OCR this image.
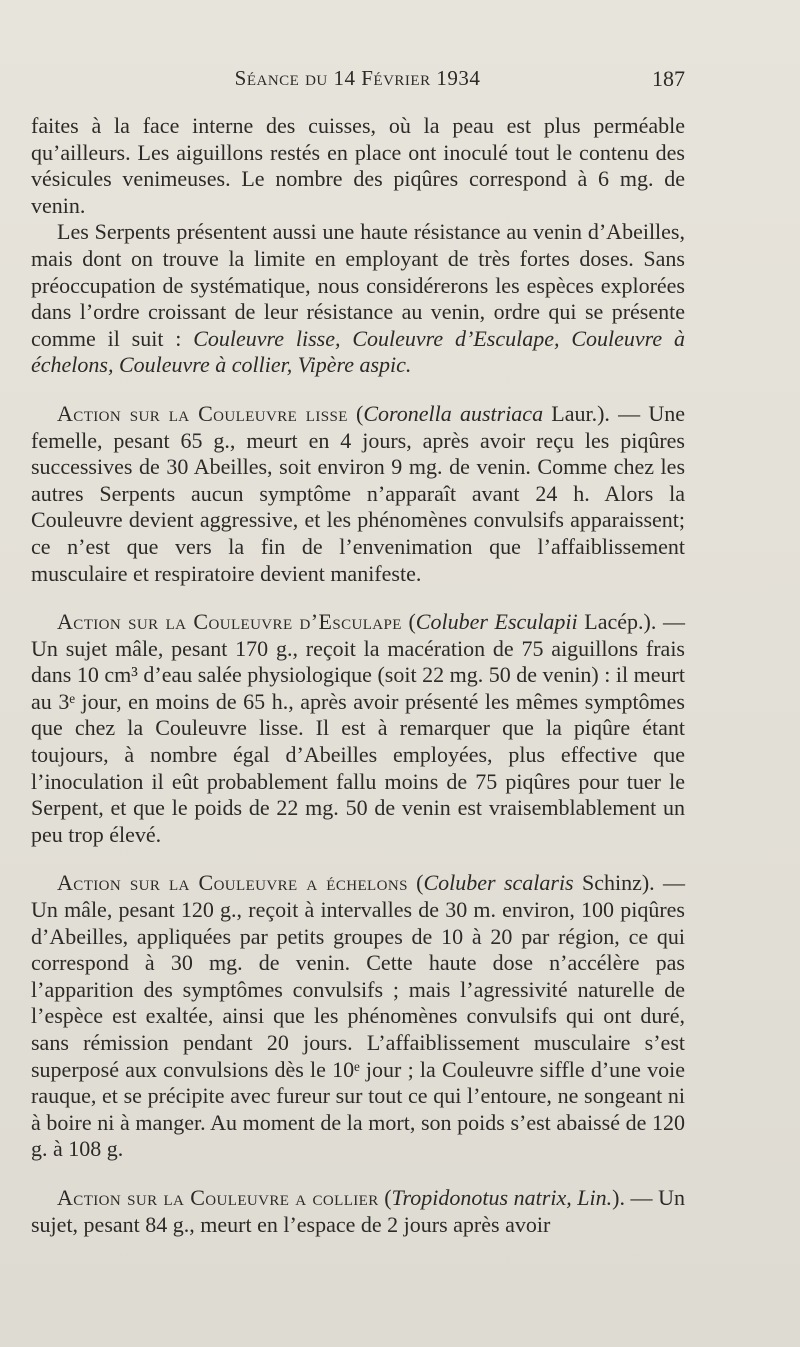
Séance du 14 Février 1934	187

faites à la face interne des cuisses, où la peau est plus perméable qu’ailleurs. Les aiguillons restés en place ont inoculé tout le contenu des vésicules venimeuses. Le nombre des piqûres correspond à 6 mg. de venin.

Les Serpents présentent aussi une haute résistance au venin d’Abeilles, mais dont on trouve la limite en employant de très fortes doses. Sans préoccupation de systématique, nous considérerons les espèces explorées dans l’ordre croissant de leur résistance au venin, ordre qui se présente comme il suit : Couleuvre lisse, Couleuvre d’Esculape, Couleuvre à échelons, Couleuvre à collier, Vipère aspic.

Action sur la Couleuvre lisse (Coronella austriaca Laur.). — Une femelle, pesant 65 g., meurt en 4 jours, après avoir reçu les piqûres successives de 30 Abeilles, soit environ 9 mg. de venin. Comme chez les autres Serpents aucun symptôme n’apparaît avant 24 h. Alors la Couleuvre devient aggressive, et les phénomènes convulsifs apparaissent; ce n’est que vers la fin de l’envenimation que l’affaiblissement musculaire et respiratoire devient manifeste.

Action sur la Couleuvre d’Esculape (Coluber Esculapii Lacép.). — Un sujet mâle, pesant 170 g., reçoit la macération de 75 aiguillons frais dans 10 cm³ d’eau salée physiologique (soit 22 mg. 50 de venin) : il meurt au 3ᵉ jour, en moins de 65 h., après avoir présenté les mêmes symptômes que chez la Couleuvre lisse. Il est à remarquer que la piqûre étant toujours, à nombre égal d’Abeilles employées, plus effective que l’inoculation il eût probablement fallu moins de 75 piqûres pour tuer le Serpent, et que le poids de 22 mg. 50 de venin est vraisemblablement un peu trop élevé.

Action sur la Couleuvre a échelons (Coluber scalaris Schinz). — Un mâle, pesant 120 g., reçoit à intervalles de 30 m. environ, 100 piqûres d’Abeilles, appliquées par petits groupes de 10 à 20 par région, ce qui correspond à 30 mg. de venin. Cette haute dose n’accélère pas l’apparition des symptômes convulsifs ; mais l’agressivité naturelle de l’espèce est exaltée, ainsi que les phénomènes convulsifs qui ont duré, sans rémission pendant 20 jours. L’affaiblissement musculaire s’est superposé aux convulsions dès le 10ᵉ jour ; la Couleuvre siffle d’une voie rauque, et se précipite avec fureur sur tout ce qui l’entoure, ne songeant ni à boire ni à manger. Au moment de la mort, son poids s’est abaissé de 120 g. à 108 g.

Action sur la Couleuvre a collier (Tropidonotus natrix, Lin.). — Un sujet, pesant 84 g., meurt en l’espace de 2 jours après avoir
